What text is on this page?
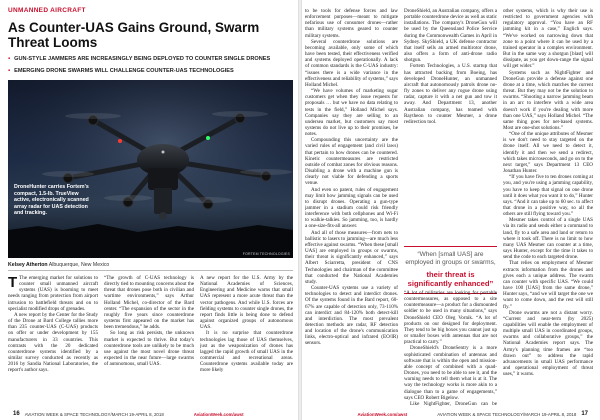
UNMANNED AIRCRAFT
As Counter-UAS Gains Ground, Swarm Threat Looms
▪ GUN-STYLE JAMMERS ARE INCREASINGLY BEING DEPLOYED TO COUNTER SINGLE DRONES
▪ EMERGING DRONE SWARMS WILL CHALLENGE COUNTER-UAS TECHNOLOGIES
DroneHunter carries Fortem's compact, 1.5-lb. TrueView active, electronically scanned array radar for UAS detection and tracking.
FORTEM TECHNOLOGIES
Kelsey Atherton Albuquerque, New Mexico

T The emerging market for solutions to counter small unmanned aircraft systems (UAS) is booming to meet needs ranging from protection from airport intrusion to battlefield threats and on to specialist modified drops of grenades.

A new report by the Center for the Study of the Drone at Bard College tallies more than 235 counter-UAS (C-UAS) products on offer or under development by 155 manufacturers in 33 countries. This contrasts with the 20 dedicated counterdrone systems identified by a similar survey conducted as recently as 2016 by Sandia National Laboratories, the report's author says.

“The growth of C-UAS technology is directly tied to mounting concerns about the threat that drones pose both in civilian and wartime environments,” says Arthur Holland Michel, co-director of the Bard center. “The expansion of the sector in the roughly five years since counterdrone systems first appeared on the market has been tremendous,” he adds.

So long as risk persists, the unknown market is expected to thrive. But today's counterdrone tools are unlikely to be much use against the most novel drone threat expected in the near future—large swarms of autonomous, small UAS.

A new report for the U.S. Army by the National Academies of Sciences, Engineering and Medicine warns that small UAS represent a more acute threat than the vector pathogens. And while U.S. forces are fielding systems to counter single drones, the report finds little is being done to defend against organized groups of autonomous UAS.

It is no surprise that counterdrone technologies lag those of UAS themselves, just as the weaponization of drones has lagged the rapid growth of small UAS in the commercial and recreational areas. Counterdrone systems available today are more likely

16 AVIATION WEEK & SPACE TECHNOLOGY/MARCH 19-APRIL 8, 2018	AviationWeek.com/awst

to be tools for defense forces and law enforcement purposes—meant to mitigate nefarious use of consumer drones—rather than military systems geared to counter military systems.

Several counterdrone solutions are becoming available, only some of which have been tested, their effectiveness verified and systems deployed operationally. A lack of common standards is the C-UAS industry: “issues there is a wide variance in the effectiveness and reliability of systems,” says Holland Michel.

“We have volumes of marketing sugar customers get when they issue requests for proposals … but we have no data relating to tests in the field,” Holland Michel says. Companies say they are selling to an undersea market, but customers say most systems do not live up to their promises, he notes.

Compounding this uncertainty are the varied rules of engagement (and civil laws) that pertain to how drones can be countered. Kinetic countermeasures are restricted outside of combat zones for obvious reasons. Disabling a drone with a machine gun is clearly not viable for defending a sports venue.

And even so patent, rules of engagement may limit how jamming signals can be used to disrupt drones. Operating a gun-type jammer in a stadium could risk friendly interference with both cellphones and Wi-Fi to walkie-talkies. So jamming, too, is hardly a one-size-fits-all answer.

And all of those measures—from nets to ballistic to lasers to jamming—are much less effective against swarms. “When these [small UAS] are employed in groups or swarms, their threat is significantly enhanced,” says Albert Sciarretta, president of CNS Technologies and chairman of the committee that conducted the National Academies study.

Counter-UAS systems use a variety of technologies to detect and interdict drones. Of the systems found in the Bard report, 60-67% are capable of detection only, 73-110% can interdict and 84-120% both detect-kill and interdiction. The most prevalent detection methods are radar, RF detection and location of the drone's communication links, electro-optical and infrared (EO/IR) sensors.

DroneShield, an Australian company, offers a portable counterdrone device as well as static installations. The company's DroneGun will be used by the Queensland Police Service during the Commonwealth Games in April in Sydney. SkyShield, a UK defense contractor that itself sells an armed multirotor drone, also offers a form of anti-drone radio shotgun.

Fortem Technologies, a U.S. startup that has attracted backing from Boeing, has developed DroneHunter, an unmanned aircraft that autonomously patrols drone no-fly zones to deliver any rogue drone using radar, capture it with a net gun and tow it away. And Department 13, another Australian company, has teamed with Raytheon to counter Mesmer, a drone redirection tool.

“When [small UAS] are employed in groups or swarms,
their threat is significantly enhanced”

“A lot of militaries are looking for portable countermeasures, as opposed to a site countermeasure—a product for a dismounted soldier to be used in many situations,” says DroneShield CEO Oleg Vornik. “A lot of products on our designed for deployment. They tend to be big boxes you cannot just up or smaller boxes with antennas that are not practical to carry.”

DroneShield's DroneSentry is a more sophisticated combination of antennas and software that is within the open and mission-able concept of combined with a quad-Drones, you need to be able to see it, and the warning needs to tell them what is at it. The way the technology works is more akin to a dialogue than to a game of engagements,” says CEO Robert Bigelow.

Like NightFighter, DroneGun can be

other systems, which is why their use is restricted to government agencies with regulatory approval. “You have an RF jamming kit in a case,” Englich says. “We've worked on narrowing down that zone to a point where it can be used by a trained operator in a complex environment. But in the same way a shotgun [blast] will dissipate, as you get down-range the signal will get wider.”

Systems such as NightFighter and DroneGun provide a defense against one drone at a time, which matches the current threat. But they may not be the solution to swarms. “Shooting a narrow jamming beam in an arc to interfere with a wide area doesn't work if you're dealing with more than one UAS,” says Holland Michel. “The same thing goes for net-based systems. Most are one-shot solutions.”

“One of the unique attributes of Mesmer is we don't need to stay targeted on the drone itself. All we need to detect it, identify it and then we send a redirect, which takes microseconds, and go on to the next target,” says Department 13 CEO Jonathan Hunter.

“If you have five to ten drones coming at you, and you're using a jamming capability, you have to keep that signal on one drone until it does what you want it to do,” Hunter says. “And it can take up to 60 sec. to affect that drone in a positive way, so all the others are still flying toward you.”

Mesmer takes control of a single UAS via its radio and sends either a command to land, fly to a safe area and land or return to where it took off. There is no limit to how many UAS Mesmer can counter at a time, says Hunter, except for the time it takes to send the code to each targeted drone.

That relies on employment of Mesmer extracts information from the drones and gives each a unique address. The swarm can counter with specific UAS. “We could have 100 [UAS] from the same drone,” Hunter says, “and we will target the one we want to come down, and the rest will still fly.”

Drone swarms are not a distant worry. “Current and near-term (by 2025) capabilities will enable the employment of multiple small UAS in coordinated groups, swarms and collaborative groups,” the National Academies report says. The Army's planning time frames are “too drawn out” to address the rapid advancements in small UAS performance and operational employment of threat uses,” it warns.

AviationWeek.com/awst	AVIATION WEEK & SPACE TECHNOLOGY/MARCH 19-APRIL 8, 2018 17
